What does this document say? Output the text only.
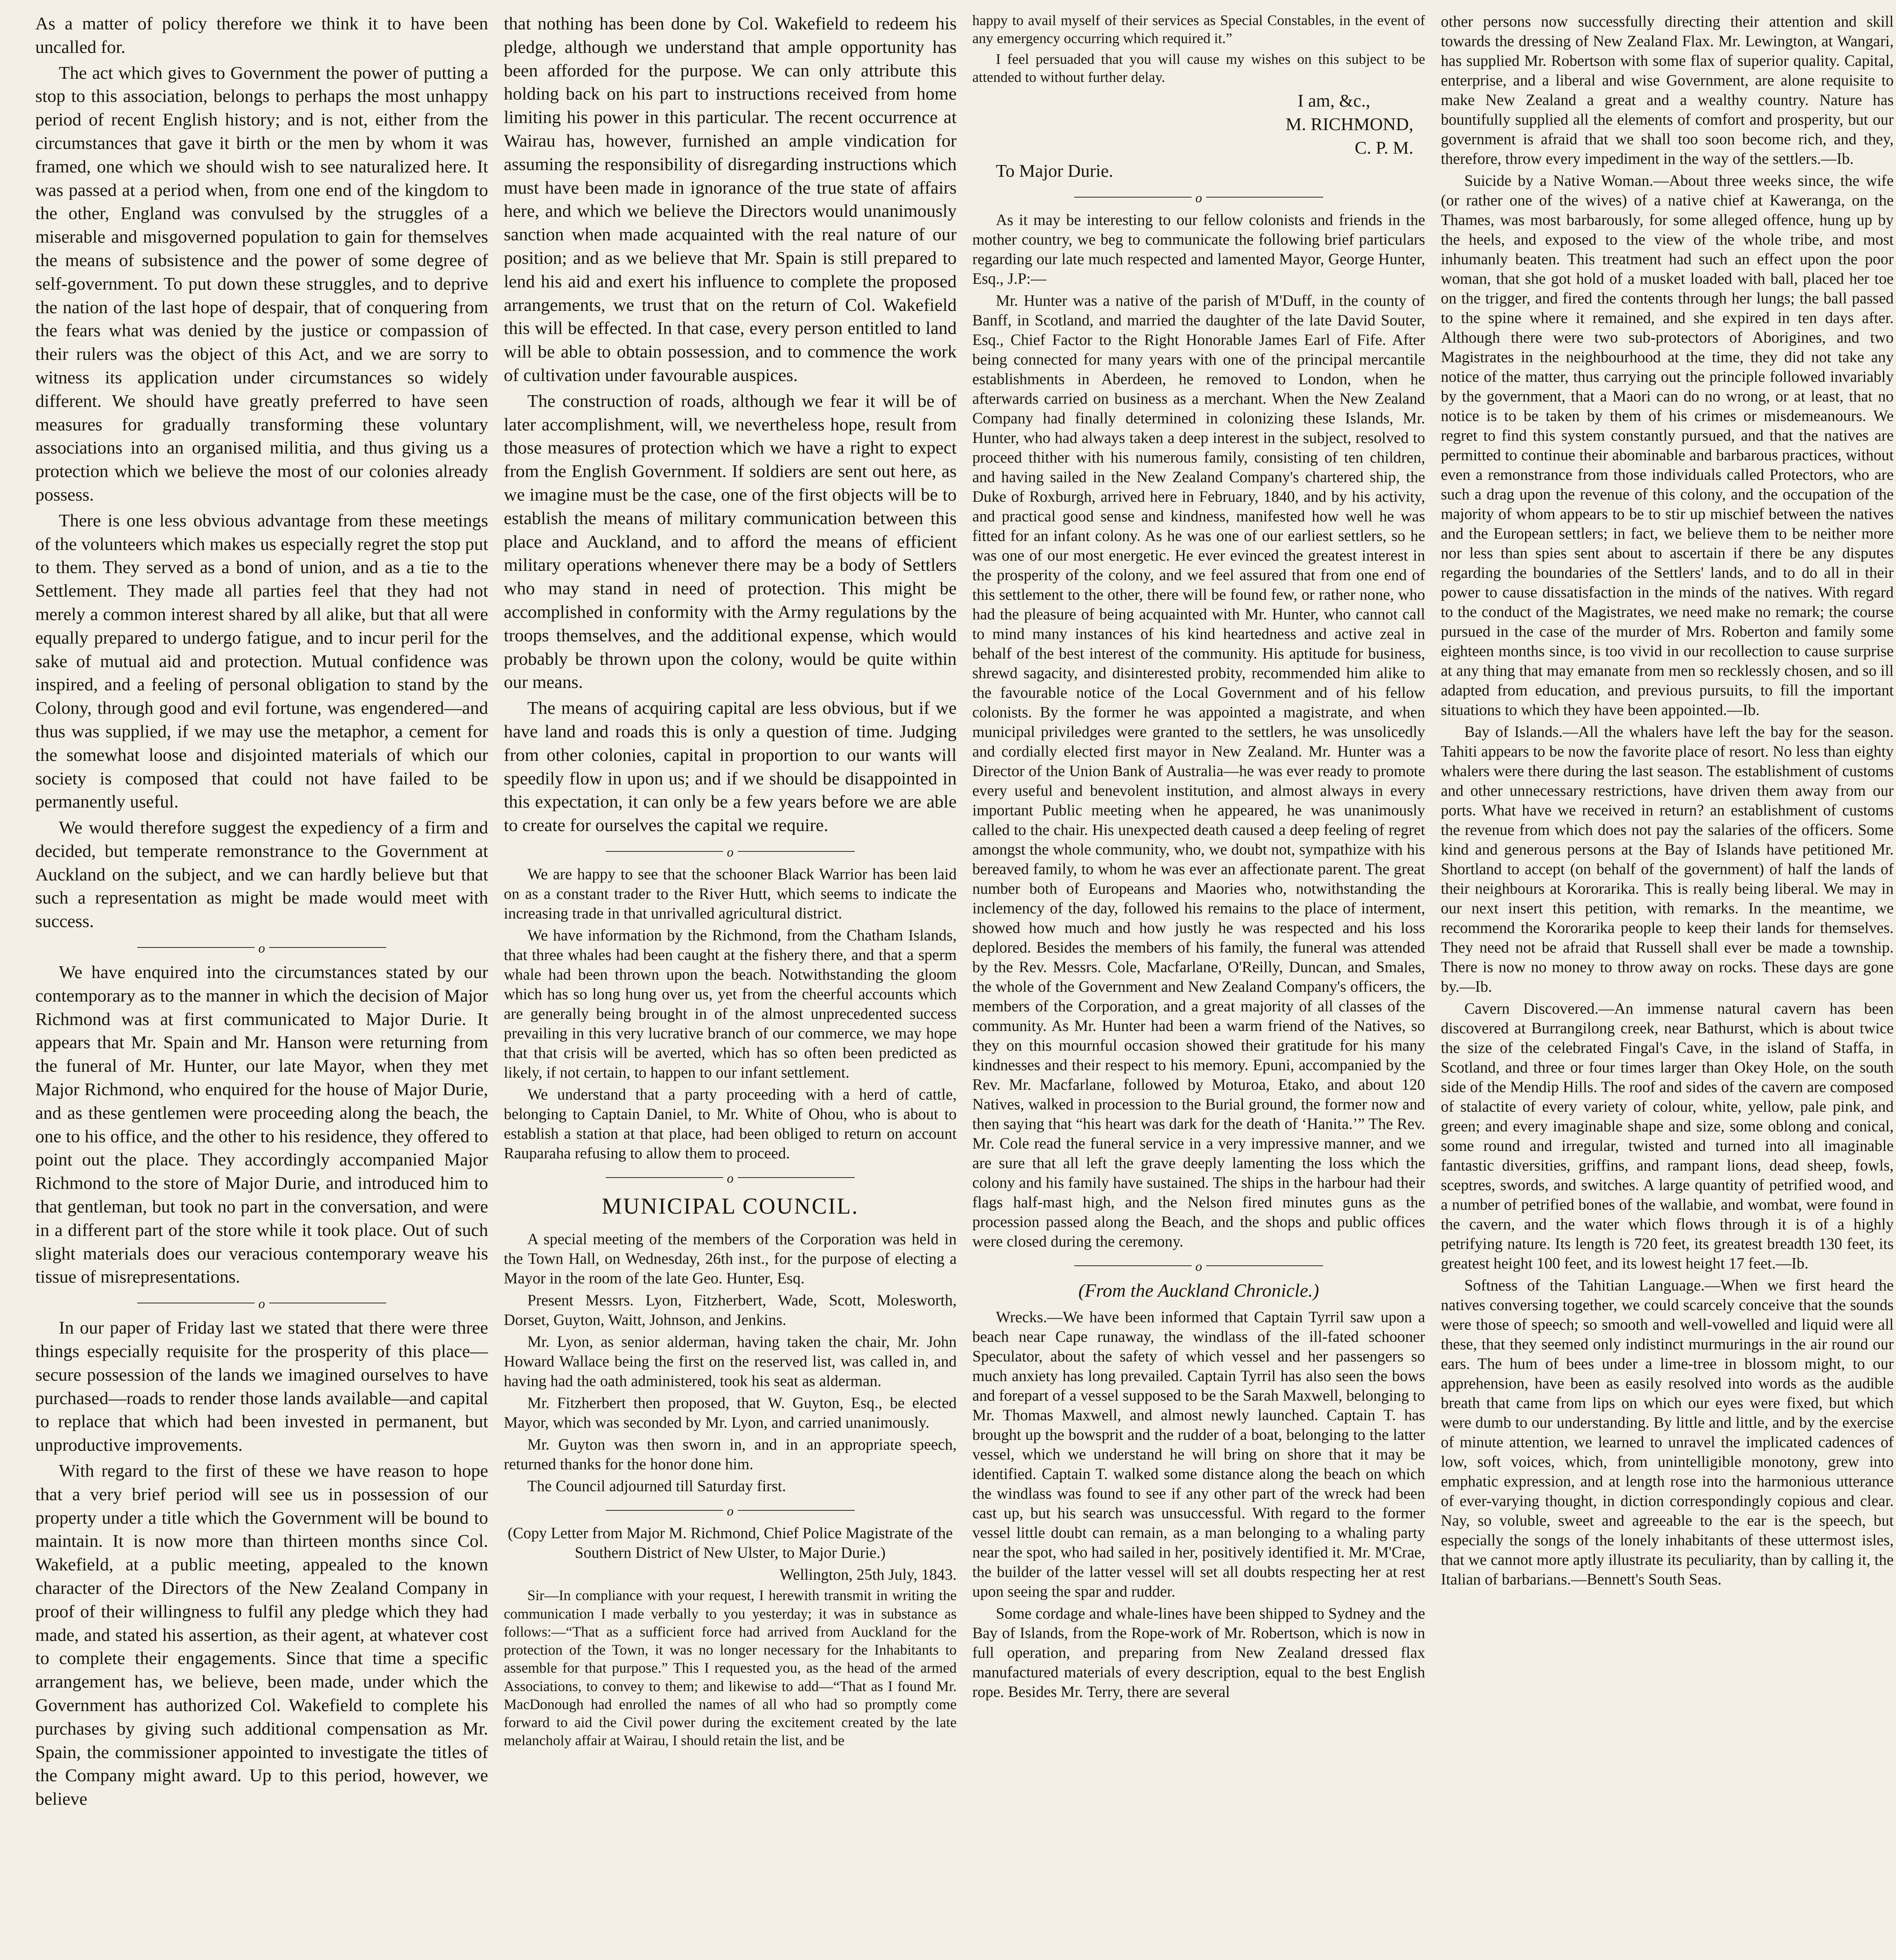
As a matter of policy therefore we think it to have been uncalled for.

The act which gives to Government the power of putting a stop to this association, belongs to perhaps the most unhappy period of recent English history; and is not, either from the circumstances that gave it birth or the men by whom it was framed, one which we should wish to see naturalized here. It was passed at a period when, from one end of the kingdom to the other, England was convulsed by the struggles of a miserable and misgoverned population to gain for themselves the means of subsistence and the power of some degree of self-government. To put down these struggles, and to deprive the nation of the last hope of despair, that of conquering from the fears what was denied by the justice or compassion of their rulers was the object of this Act, and we are sorry to witness its application under circumstances so widely different. We should have greatly preferred to have seen measures for gradually transforming these voluntary associations into an organised militia, and thus giving us a protection which we believe the most of our colonies already possess.

There is one less obvious advantage from these meetings of the volunteers which makes us especially regret the stop put to them. They served as a bond of union, and as a tie to the Settlement. They made all parties feel that they had not merely a common interest shared by all alike, but that all were equally prepared to undergo fatigue, and to incur peril for the sake of mutual aid and protection. Mutual confidence was inspired, and a feeling of personal obligation to stand by the Colony, through good and evil fortune, was engendered—and thus was supplied, if we may use the metaphor, a cement for the somewhat loose and disjointed materials of which our society is composed that could not have failed to be permanently useful.

We would therefore suggest the expediency of a firm and decided, but temperate remonstrance to the Government at Auckland on the subject, and we can hardly believe but that such a representation as might be made would meet with success.

o

We have enquired into the circumstances stated by our contemporary as to the manner in which the decision of Major Richmond was at first communicated to Major Durie. It appears that Mr. Spain and Mr. Hanson were returning from the funeral of Mr. Hunter, our late Mayor, when they met Major Richmond, who enquired for the house of Major Durie, and as these gentlemen were proceeding along the beach, the one to his office, and the other to his residence, they offered to point out the place. They accordingly accompanied Major Richmond to the store of Major Durie, and introduced him to that gentleman, but took no part in the conversation, and were in a different part of the store while it took place. Out of such slight materials does our veracious contemporary weave his tissue of misrepresentations.

o

In our paper of Friday last we stated that there were three things especially requisite for the prosperity of this place—secure possession of the lands we imagined ourselves to have purchased—roads to render those lands available—and capital to replace that which had been invested in permanent, but unproductive improvements.

With regard to the first of these we have reason to hope that a very brief period will see us in possession of our property under a title which the Government will be bound to maintain. It is now more than thirteen months since Col. Wakefield, at a public meeting, appealed to the known character of the Directors of the New Zealand Company in proof of their willingness to fulfil any pledge which they had made, and stated his assertion, as their agent, at whatever cost to complete their engagements. Since that time a specific arrangement has, we believe, been made, under which the Government has authorized Col. Wakefield to complete his purchases by giving such additional compensation as Mr. Spain, the commissioner appointed to investigate the titles of the Company might award. Up to this period, however, we believe

that nothing has been done by Col. Wakefield to redeem his pledge, although we understand that ample opportunity has been afforded for the purpose. We can only attribute this holding back on his part to instructions received from home limiting his power in this particular. The recent occurrence at Wairau has, however, furnished an ample vindication for assuming the responsibility of disregarding instructions which must have been made in ignorance of the true state of affairs here, and which we believe the Directors would unanimously sanction when made acquainted with the real nature of our position; and as we believe that Mr. Spain is still prepared to lend his aid and exert his influence to complete the proposed arrangements, we trust that on the return of Col. Wakefield this will be effected. In that case, every person entitled to land will be able to obtain possession, and to commence the work of cultivation under favourable auspices.

The construction of roads, although we fear it will be of later accomplishment, will, we nevertheless hope, result from those measures of protection which we have a right to expect from the English Government. If soldiers are sent out here, as we imagine must be the case, one of the first objects will be to establish the means of military communication between this place and Auckland, and to afford the means of efficient military operations whenever there may be a body of Settlers who may stand in need of protection. This might be accomplished in conformity with the Army regulations by the troops themselves, and the additional expense, which would probably be thrown upon the colony, would be quite within our means.

The means of acquiring capital are less obvious, but if we have land and roads this is only a question of time. Judging from other colonies, capital in proportion to our wants will speedily flow in upon us; and if we should be disappointed in this expectation, it can only be a few years before we are able to create for ourselves the capital we require.

o

We are happy to see that the schooner Black Warrior has been laid on as a constant trader to the River Hutt, which seems to indicate the increasing trade in that unrivalled agricultural district.

We have information by the Richmond, from the Chatham Islands, that three whales had been caught at the fishery there, and that a sperm whale had been thrown upon the beach. Notwithstanding the gloom which has so long hung over us, yet from the cheerful accounts which are generally being brought in of the almost unprecedented success prevailing in this very lucrative branch of our commerce, we may hope that that crisis will be averted, which has so often been predicted as likely, if not certain, to happen to our infant settlement.

We understand that a party proceeding with a herd of cattle, belonging to Captain Daniel, to Mr. White of Ohou, who is about to establish a station at that place, had been obliged to return on account Rauparaha refusing to allow them to proceed.

o

MUNICIPAL COUNCIL.

A special meeting of the members of the Corporation was held in the Town Hall, on Wednesday, 26th inst., for the purpose of electing a Mayor in the room of the late Geo. Hunter, Esq.

Present Messrs. Lyon, Fitzherbert, Wade, Scott, Molesworth, Dorset, Guyton, Waitt, Johnson, and Jenkins.

Mr. Lyon, as senior alderman, having taken the chair, Mr. John Howard Wallace being the first on the reserved list, was called in, and having had the oath administered, took his seat as alderman.

Mr. Fitzherbert then proposed, that W. Guyton, Esq., be elected Mayor, which was seconded by Mr. Lyon, and carried unanimously.

Mr. Guyton was then sworn in, and in an appropriate speech, returned thanks for the honor done him.

The Council adjourned till Saturday first.

o

(Copy Letter from Major M. Richmond, Chief Police Magistrate of the Southern District of New Ulster, to Major Durie.)

Wellington, 25th July, 1843.

Sir—In compliance with your request, I herewith transmit in writing the communication I made verbally to you yesterday; it was in substance as follows:—“That as a sufficient force had arrived from Auckland for the protection of the Town, it was no longer necessary for the Inhabitants to assemble for that purpose.” This I requested you, as the head of the armed Associations, to convey to them; and likewise to add—“That as I found Mr. MacDonough had enrolled the names of all who had so promptly come forward to aid the Civil power during the excitement created by the late melancholy affair at Wairau, I should retain the list, and be

happy to avail myself of their services as Special Constables, in the event of any emergency occurring which required it.”

I feel persuaded that you will cause my wishes on this subject to be attended to without further delay.

I am, &c.,

M. RICHMOND,

C. P. M.

To Major Durie.

o

As it may be interesting to our fellow colonists and friends in the mother country, we beg to communicate the following brief particulars regarding our late much respected and lamented Mayor, George Hunter, Esq., J.P:—

Mr. Hunter was a native of the parish of M'Duff, in the county of Banff, in Scotland, and married the daughter of the late David Souter, Esq., Chief Factor to the Right Honorable James Earl of Fife. After being connected for many years with one of the principal mercantile establishments in Aberdeen, he removed to London, when he afterwards carried on business as a merchant. When the New Zealand Company had finally determined in colonizing these Islands, Mr. Hunter, who had always taken a deep interest in the subject, resolved to proceed thither with his numerous family, consisting of ten children, and having sailed in the New Zealand Company's chartered ship, the Duke of Roxburgh, arrived here in February, 1840, and by his activity, and practical good sense and kindness, manifested how well he was fitted for an infant colony. As he was one of our earliest settlers, so he was one of our most energetic. He ever evinced the greatest interest in the prosperity of the colony, and we feel assured that from one end of this settlement to the other, there will be found few, or rather none, who had the pleasure of being acquainted with Mr. Hunter, who cannot call to mind many instances of his kind heartedness and active zeal in behalf of the best interest of the community. His aptitude for business, shrewd sagacity, and disinterested probity, recommended him alike to the favourable notice of the Local Government and of his fellow colonists. By the former he was appointed a magistrate, and when municipal priviledges were granted to the settlers, he was unsolicedly and cordially elected first mayor in New Zealand. Mr. Hunter was a Director of the Union Bank of Australia—he was ever ready to promote every useful and benevolent institution, and almost always in every important Public meeting when he appeared, he was unanimously called to the chair. His unexpected death caused a deep feeling of regret amongst the whole community, who, we doubt not, sympathize with his bereaved family, to whom he was ever an affectionate parent. The great number both of Europeans and Maories who, notwithstanding the inclemency of the day, followed his remains to the place of interment, showed how much and how justly he was respected and his loss deplored. Besides the members of his family, the funeral was attended by the Rev. Messrs. Cole, Macfarlane, O'Reilly, Duncan, and Smales, the whole of the Government and New Zealand Company's officers, the members of the Corporation, and a great majority of all classes of the community. As Mr. Hunter had been a warm friend of the Natives, so they on this mournful occasion showed their gratitude for his many kindnesses and their respect to his memory. Epuni, accompanied by the Rev. Mr. Macfarlane, followed by Moturoa, Etako, and about 120 Natives, walked in procession to the Burial ground, the former now and then saying that “his heart was dark for the death of ‘Hanita.’” The Rev. Mr. Cole read the funeral service in a very impressive manner, and we are sure that all left the grave deeply lamenting the loss which the colony and his family have sustained. The ships in the harbour had their flags half-mast high, and the Nelson fired minutes guns as the procession passed along the Beach, and the shops and public offices were closed during the ceremony.

o

(From the Auckland Chronicle.)

Wrecks.—We have been informed that Captain Tyrril saw upon a beach near Cape runaway, the windlass of the ill-fated schooner Speculator, about the safety of which vessel and her passengers so much anxiety has long prevailed. Captain Tyrril has also seen the bows and forepart of a vessel supposed to be the Sarah Maxwell, belonging to Mr. Thomas Maxwell, and almost newly launched. Captain T. has brought up the bowsprit and the rudder of a boat, belonging to the latter vessel, which we understand he will bring on shore that it may be identified. Captain T. walked some distance along the beach on which the windlass was found to see if any other part of the wreck had been cast up, but his search was unsuccessful. With regard to the former vessel little doubt can remain, as a man belonging to a whaling party near the spot, who had sailed in her, positively identified it. Mr. M'Crae, the builder of the latter vessel will set all doubts respecting her at rest upon seeing the spar and rudder.

Some cordage and whale-lines have been shipped to Sydney and the Bay of Islands, from the Rope-work of Mr. Robertson, which is now in full operation, and preparing from New Zealand dressed flax manufactured materials of every description, equal to the best English rope. Besides Mr. Terry, there are several

other persons now successfully directing their attention and skill towards the dressing of New Zealand Flax. Mr. Lewington, at Wangari, has supplied Mr. Robertson with some flax of superior quality. Capital, enterprise, and a liberal and wise Government, are alone requisite to make New Zealand a great and a wealthy country. Nature has bountifully supplied all the elements of comfort and prosperity, but our government is afraid that we shall too soon become rich, and they, therefore, throw every impediment in the way of the settlers.—Ib.

Suicide by a Native Woman.—About three weeks since, the wife (or rather one of the wives) of a native chief at Kaweranga, on the Thames, was most barbarously, for some alleged offence, hung up by the heels, and exposed to the view of the whole tribe, and most inhumanly beaten. This treatment had such an effect upon the poor woman, that she got hold of a musket loaded with ball, placed her toe on the trigger, and fired the contents through her lungs; the ball passed to the spine where it remained, and she expired in ten days after. Although there were two sub-protectors of Aborigines, and two Magistrates in the neighbourhood at the time, they did not take any notice of the matter, thus carrying out the principle followed invariably by the government, that a Maori can do no wrong, or at least, that no notice is to be taken by them of his crimes or misdemeanours. We regret to find this system constantly pursued, and that the natives are permitted to continue their abominable and barbarous practices, without even a remonstrance from those individuals called Protectors, who are such a drag upon the revenue of this colony, and the occupation of the majority of whom appears to be to stir up mischief between the natives and the European settlers; in fact, we believe them to be neither more nor less than spies sent about to ascertain if there be any disputes regarding the boundaries of the Settlers' lands, and to do all in their power to cause dissatisfaction in the minds of the natives. With regard to the conduct of the Magistrates, we need make no remark; the course pursued in the case of the murder of Mrs. Roberton and family some eighteen months since, is too vivid in our recollection to cause surprise at any thing that may emanate from men so recklessly chosen, and so ill adapted from education, and previous pursuits, to fill the important situations to which they have been appointed.—Ib.

Bay of Islands.—All the whalers have left the bay for the season. Tahiti appears to be now the favorite place of resort. No less than eighty whalers were there during the last season. The establishment of customs and other unnecessary restrictions, have driven them away from our ports. What have we received in return? an establishment of customs the revenue from which does not pay the salaries of the officers. Some kind and generous persons at the Bay of Islands have petitioned Mr. Shortland to accept (on behalf of the government) of half the lands of their neighbours at Kororarika. This is really being liberal. We may in our next insert this petition, with remarks. In the meantime, we recommend the Kororarika people to keep their lands for themselves. They need not be afraid that Russell shall ever be made a township. There is now no money to throw away on rocks. These days are gone by.—Ib.

Cavern Discovered.—An immense natural cavern has been discovered at Burrangilong creek, near Bathurst, which is about twice the size of the celebrated Fingal's Cave, in the island of Staffa, in Scotland, and three or four times larger than Okey Hole, on the south side of the Mendip Hills. The roof and sides of the cavern are composed of stalactite of every variety of colour, white, yellow, pale pink, and green; and every imaginable shape and size, some oblong and conical, some round and irregular, twisted and turned into all imaginable fantastic diversities, griffins, and rampant lions, dead sheep, fowls, sceptres, swords, and switches. A large quantity of petrified wood, and a number of petrified bones of the wallabie, and wombat, were found in the cavern, and the water which flows through it is of a highly petrifying nature. Its length is 720 feet, its greatest breadth 130 feet, its greatest height 100 feet, and its lowest height 17 feet.—Ib.

Softness of the Tahitian Language.—When we first heard the natives conversing together, we could scarcely conceive that the sounds were those of speech; so smooth and well-vowelled and liquid were all these, that they seemed only indistinct murmurings in the air round our ears. The hum of bees under a lime-tree in blossom might, to our apprehension, have been as easily resolved into words as the audible breath that came from lips on which our eyes were fixed, but which were dumb to our understanding. By little and little, and by the exercise of minute attention, we learned to unravel the implicated cadences of low, soft voices, which, from unintelligible monotony, grew into emphatic expression, and at length rose into the harmonious utterance of ever-varying thought, in diction correspondingly copious and clear. Nay, so voluble, sweet and agreeable to the ear is the speech, but especially the songs of the lonely inhabitants of these uttermost isles, that we cannot more aptly illustrate its peculiarity, than by calling it, the Italian of barbarians.—Bennett's South Seas.
